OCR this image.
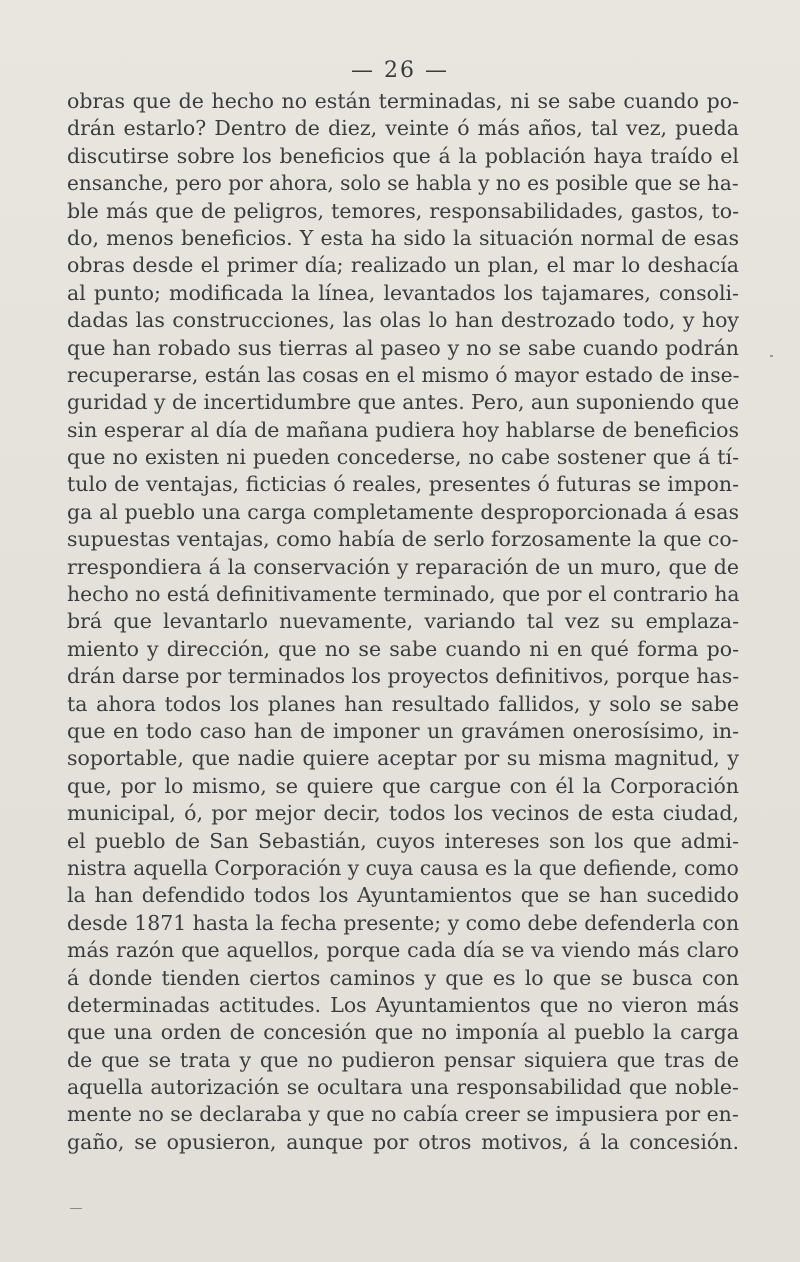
— 26 —
obras que de hecho no están terminadas, ni se sabe cuando po-
drán estarlo? Dentro de diez, veinte ó más años, tal vez, pueda
discutirse sobre los beneficios que á la población haya traído el
ensanche, pero por ahora, solo se habla y no es posible que se ha-
ble más que de peligros, temores, responsabilidades, gastos, to-
do, menos beneficios. Y esta ha sido la situación normal de esas
obras desde el primer día; realizado un plan, el mar lo deshacía
al punto; modificada la línea, levantados los tajamares, consoli-
dadas las construcciones, las olas lo han destrozado todo, y hoy
que han robado sus tierras al paseo y no se sabe cuando podrán
recuperarse, están las cosas en el mismo ó mayor estado de inse-
guridad y de incertidumbre que antes. Pero, aun suponiendo que
sin esperar al día de mañana pudiera hoy hablarse de beneficios
que no existen ni pueden concederse, no cabe sostener que á tí-
tulo de ventajas, ficticias ó reales, presentes ó futuras se impon-
ga al pueblo una carga completamente desproporcionada á esas
supuestas ventajas, como había de serlo forzosamente la que co-
rrespondiera á la conservación y reparación de un muro, que de
hecho no está definitivamente terminado, que por el contrario ha
brá que levantarlo nuevamente, variando tal vez su emplaza-
miento y dirección, que no se sabe cuando ni en qué forma po-
drán darse por terminados los proyectos definitivos, porque has-
ta ahora todos los planes han resultado fallidos, y solo se sabe
que en todo caso han de imponer un gravámen onerosísimo, in-
soportable, que nadie quiere aceptar por su misma magnitud, y
que, por lo mismo, se quiere que cargue con él la Corporación
municipal, ó, por mejor decir, todos los vecinos de esta ciudad,
el pueblo de San Sebastián, cuyos intereses son los que admi-
nistra aquella Corporación y cuya causa es la que defiende, como
la han defendido todos los Ayuntamientos que se han sucedido
desde 1871 hasta la fecha presente; y como debe defenderla con
más razón que aquellos, porque cada día se va viendo más claro
á donde tienden ciertos caminos y que es lo que se busca con
determinadas actitudes. Los Ayuntamientos que no vieron más
que una orden de concesión que no imponía al pueblo la carga
de que se trata y que no pudieron pensar siquiera que tras de
aquella autorización se ocultara una responsabilidad que noble-
mente no se declaraba y que no cabía creer se impusiera por en-
gaño, se opusieron, aunque por otros motivos, á la concesión.
